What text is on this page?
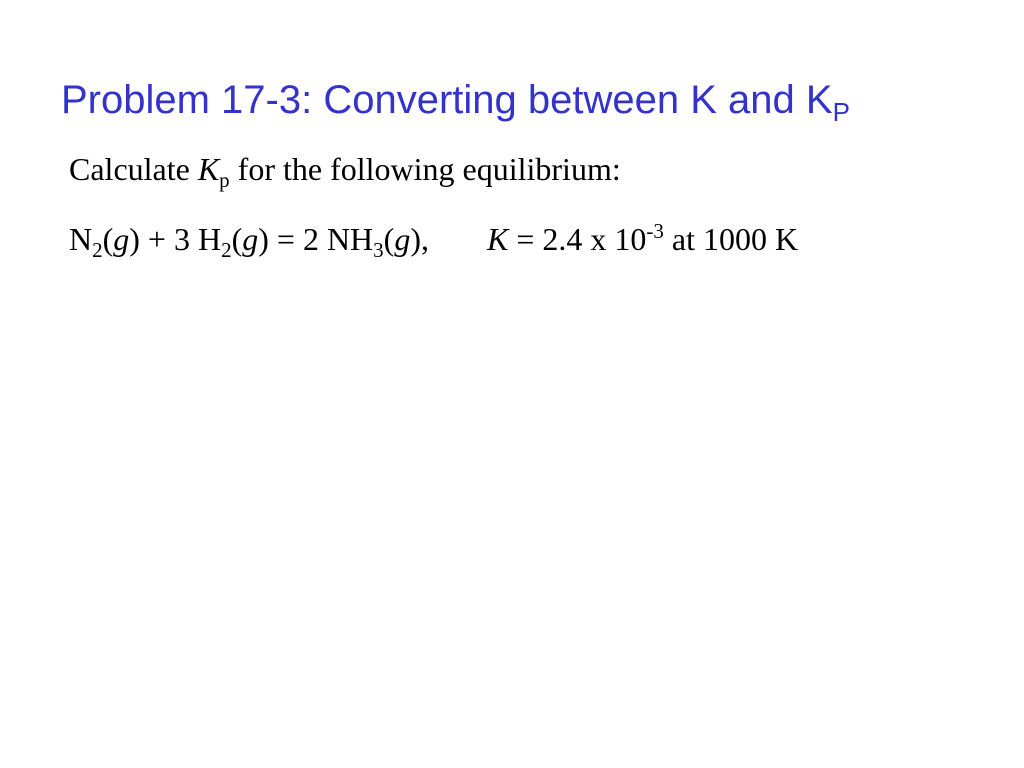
Problem 17-3: Converting between K and $K_P$

Calculate $K_p$ for the following equilibrium:

$N_2(g) + 3$ $H_2(g) = 2$ $NH_3(g)$, K = 2.4 x $10^{-3}$ at 1000 K
